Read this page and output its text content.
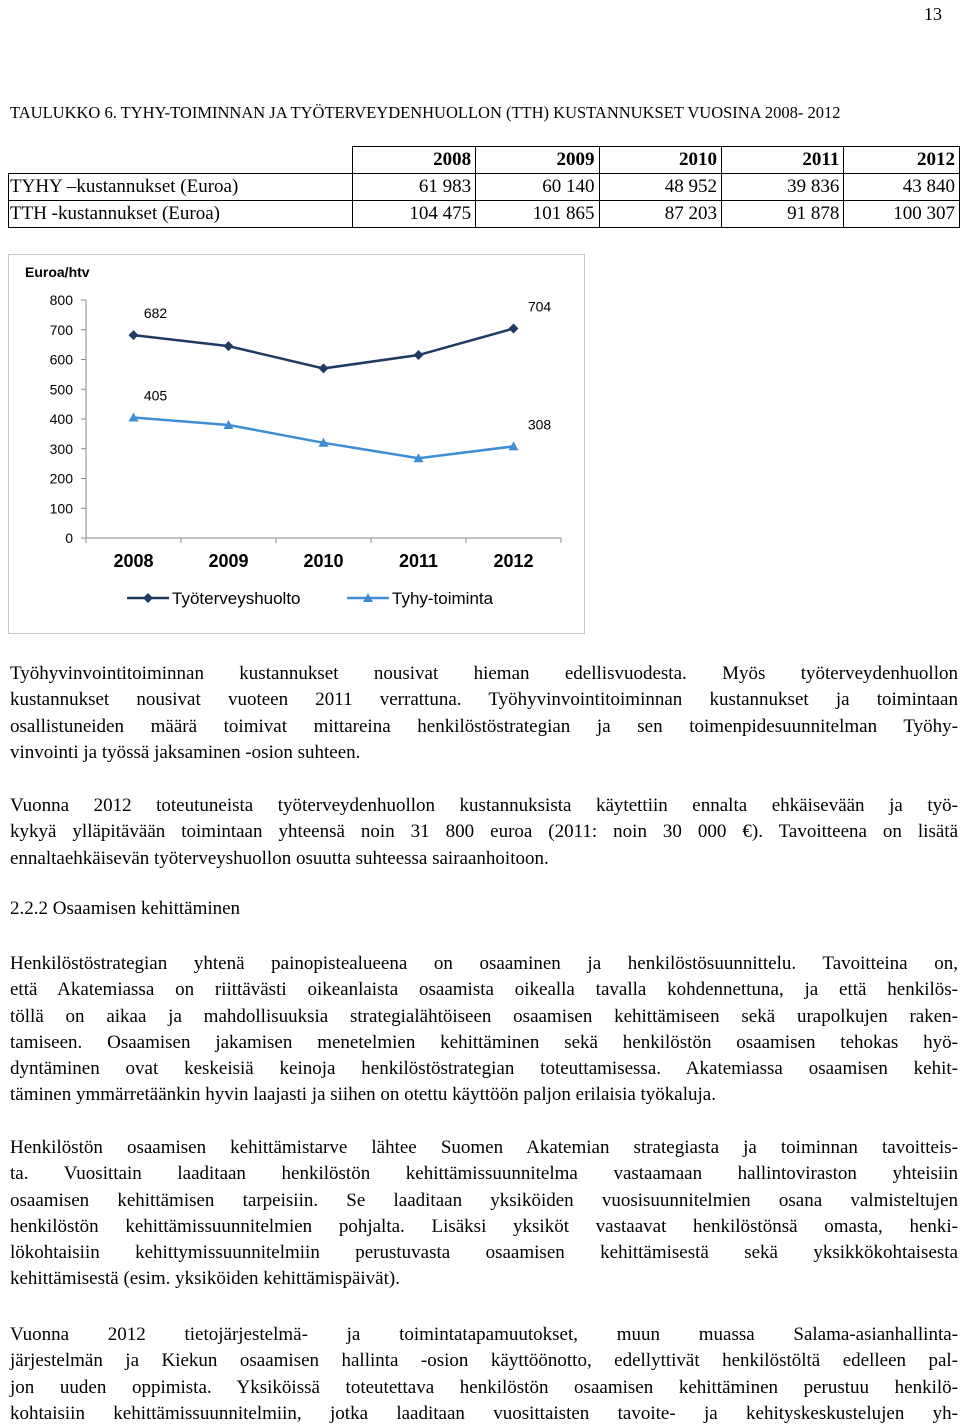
13
TAULUKKO 6. TYHY-TOIMINNAN JA TYÖTERVEYDENHUOLLON (TTH) KUSTANNUKSET VUOSINA 2008- 2012
	2008	2009	2010	2011	2012
TYHY –kustannukset (Euroa)	61 983	60 140	48 952	39 836	43 840
TTH -kustannukset (Euroa)	104 475	101 865	87 203	91 878	100 307
Euroa/htv
0
100
200
300
400
500
600
700
800
2008	2009	2010	2011	2012
682	704
405
308
Työterveyshuolto	Tyhy-toiminta
Työhyvinvointitoiminnan kustannukset nousivat hieman edellisvuodesta. Myös työterveydenhuollon
kustannukset nousivat vuoteen 2011 verrattuna. Työhyvinvointitoiminnan kustannukset ja toimintaan
osallistuneiden määrä toimivat mittareina henkilöstöstrategian ja sen toimenpidesuunnitelman Työhy-
vinvointi ja työssä jaksaminen -osion suhteen.
Vuonna 2012 toteutuneista työterveydenhuollon kustannuksista käytettiin ennalta ehkäisevään ja työ-
kykyä ylläpitävään toimintaan yhteensä noin 31 800 euroa (2011: noin 30 000 €). Tavoitteena on lisätä
ennaltaehkäisevän työterveyshuollon osuutta suhteessa sairaanhoitoon.
2.2.2 Osaamisen kehittäminen
Henkilöstöstrategian yhtenä painopistealueena on osaaminen ja henkilöstösuunnittelu. Tavoitteina on,
että Akatemiassa on riittävästi oikeanlaista osaamista oikealla tavalla kohdennettuna, ja että henkilös-
töllä on aikaa ja mahdollisuuksia strategialähtöiseen osaamisen kehittämiseen sekä urapolkujen raken-
tamiseen. Osaamisen jakamisen menetelmien kehittäminen sekä henkilöstön osaamisen tehokas hyö-
dyntäminen ovat keskeisiä keinoja henkilöstöstrategian toteuttamisessa. Akatemiassa osaamisen kehit-
täminen ymmärretäänkin hyvin laajasti ja siihen on otettu käyttöön paljon erilaisia työkaluja.
Henkilöstön osaamisen kehittämistarve lähtee Suomen Akatemian strategiasta ja toiminnan tavoitteis-
ta. Vuosittain laaditaan henkilöstön kehittämissuunnitelma vastaamaan hallintoviraston yhteisiin
osaamisen kehittämisen tarpeisiin. Se laaditaan yksiköiden vuosisuunnitelmien osana valmisteltujen
henkilöstön kehittämissuunnitelmien pohjalta. Lisäksi yksiköt vastaavat henkilöstönsä omasta, henki-
lökohtaisiin kehittymissuunnitelmiin perustuvasta osaamisen kehittämisestä sekä yksikkökohtaisesta
kehittämisestä (esim. yksiköiden kehittämispäivät).
Vuonna 2012 tietojärjestelmä- ja toimintatapamuutokset, muun muassa Salama-asianhallinta-
järjestelmän ja Kiekun osaamisen hallinta -osion käyttöönotto, edellyttivät henkilöstöltä edelleen pal-
jon uuden oppimista. Yksiköissä toteutettava henkilöstön osaamisen kehittäminen perustuu henkilö-
kohtaisiin kehittämissuunnitelmiin, jotka laaditaan vuosittaisten tavoite- ja kehityskeskustelujen yh-
